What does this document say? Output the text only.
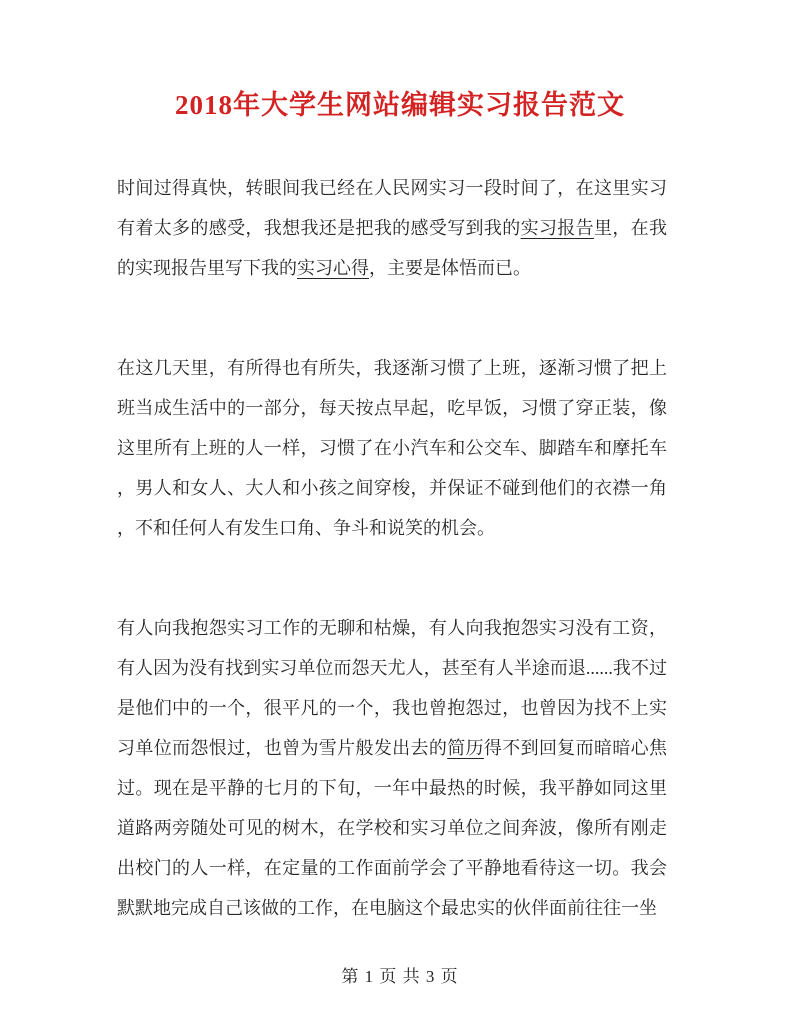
2018年大学生网站编辑实习报告范文

时间过得真快，转眼间我已经在人民网实习一段时间了，在这里实习有着太多的感受，我想我还是把我的感受写到我的实习报告里，在我的实现报告里写下我的实习心得，主要是体悟而已。

在这几天里，有所得也有所失，我逐渐习惯了上班，逐渐习惯了把上班当成生活中的一部分，每天按点早起，吃早饭，习惯了穿正装，像这里所有上班的人一样，习惯了在小汽车和公交车、脚踏车和摩托车，男人和女人、大人和小孩之间穿梭，并保证不碰到他们的衣襟一角，不和任何人有发生口角、争斗和说笑的机会。

有人向我抱怨实习工作的无聊和枯燥，有人向我抱怨实习没有工资，有人因为没有找到实习单位而怨天尤人，甚至有人半途而退......我不过是他们中的一个，很平凡的一个，我也曾抱怨过，也曾因为找不上实习单位而怨恨过，也曾为雪片般发出去的简历得不到回复而暗暗心焦过。现在是平静的七月的下旬，一年中最热的时候，我平静如同这里道路两旁随处可见的树木，在学校和实习单位之间奔波，像所有刚走出校门的人一样，在定量的工作面前学会了平静地看待这一切。我会默默地完成自己该做的工作，在电脑这个最忠实的伙伴面前往往一坐

第 1 页 共 3 页
